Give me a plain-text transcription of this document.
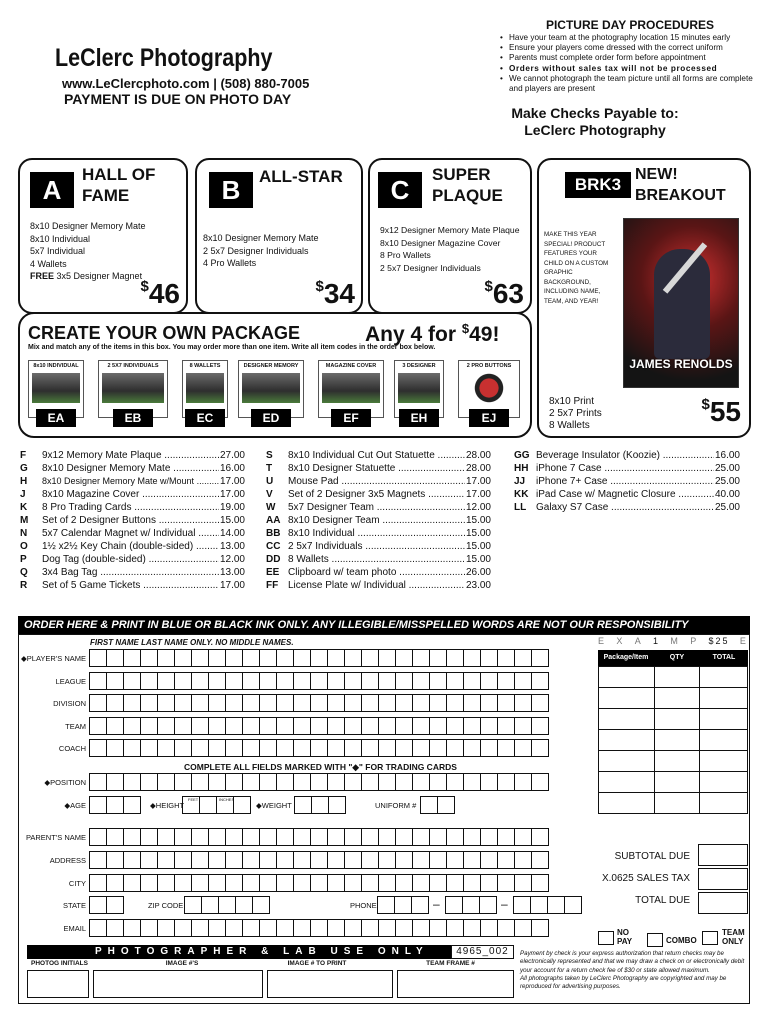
LeClerc Photography
www.LeClercphoto.com | (508) 880-7005
PAYMENT IS DUE ON PHOTO DAY
PICTURE DAY PROCEDURES
• Have your team at the photography location 15 minutes early
• Ensure your players come dressed with the correct uniform
• Parents must complete order form before appointment
• Orders without sales tax will not be processed
• We cannot photograph the team picture until all forms are complete and players are present
Make Checks Payable to:
LeClerc Photography
A	HALL OF FAME
8x10 Designer Memory Mate
8x10 Individual
5x7 Individual
4 Wallets
FREE 3x5 Designer Magnet
$46
B	ALL-STAR
8x10 Designer Memory Mate
2 5x7 Designer Individuals
4 Pro Wallets
$34
C	SUPER PLAQUE
9x12 Designer Memory Mate Plaque
8x10 Designer Magazine Cover
8 Pro Wallets
2 5x7 Designer Individuals
$63
BRK3
NEW! BREAKOUT
MAKE THIS YEAR SPECIAL! PRODUCT FEATURES YOUR CHILD ON A CUSTOM GRAPHIC BACKGROUND, INCLUDING NAME, TEAM, AND YEAR!
JAMES RENOLDS
8x10 Print
2 5x7 Prints
8 Wallets
$55
CREATE YOUR OWN PACKAGE	Any 4 for $49!
Mix and match any of the items in this box. You may order more than one item. Write all item codes in the order box below.
8x10 INDIVIDUAL
EA
2 5X7 INDIVIDUALS
EB
8 WALLETS
EC
DESIGNER MEMORY
ED
MAGAZINE COVER
EF
3 DESIGNER
EH
2 PRO BUTTONS
EJ
F	9x12 Memory Mate Plaque .....	27.00
G	8x10 Designer Memory Mate .....	16.00
H	8x10 Designer Memory Mate w/Mount .....	17.00
J	8x10 Magazine Cover .....	17.00
K	8 Pro Trading Cards .....	19.00
M	Set of 2 Designer Buttons .....	15.00
N	5x7 Calendar Magnet w/ Individual .....	14.00
O	1½ x2½ Key Chain (double-sided) .....	13.00
P	Dog Tag (double-sided) .....	12.00
Q	3x4 Bag Tag .....	13.00
R	Set of 5 Game Tickets .....	17.00
S	8x10 Individual Cut Out Statuette .....	28.00
T	8x10 Designer Statuette .....	28.00
U	Mouse Pad .....	17.00
V	Set of 2 Designer 3x5 Magnets .....	17.00
W	5x7 Designer Team .....	12.00
AA 8x10 Designer Team .....	15.00
BB 8x10 Individual .....	15.00
CC 2 5x7 Individuals .....	15.00
DD 8 Wallets .....	15.00
EE Clipboard w/ team photo .....	26.00
FF License Plate w/ Individual .....	23.00
GG Beverage Insulator (Koozie) .....	16.00
HH iPhone 7 Case .....	25.00
JJ	iPhone 7+ Case .....	25.00
KK iPad Case w/ Magnetic Closure .....	40.00
LL Galaxy S7 Case .....	25.00
ORDER HERE & PRINT IN BLUE OR BLACK INK ONLY. ANY ILLEGIBLE/MISSPELLED WORDS ARE NOT OUR RESPONSIBILITY
FIRST NAME LAST NAME ONLY. NO MIDDLE NAMES.
◆PLAYER'S NAME
LEAGUE
DIVISION
TEAM
COACH
COMPLETE ALL FIELDS MARKED WITH "◆" FOR TRADING CARDS
◆POSITION
◆AGE	◆HEIGHT
FEET	INCHES
◆WEIGHT	UNIFORM #
PARENT'S NAME
ADDRESS
CITY
STATE	ZIP CODE	PHONE	–	–
EMAIL
E X A 1 M P $25 E
Package/Item	QTY	TOTAL
SUBTOTAL DUE
X.0625 SALES TAX
TOTAL DUE
NO
PAY	COMBO
TEAM
ONLY
PHOTOGRAPHER & LAB USE ONLY	4965_002
PHOTOG INITIALS	IMAGE #'S	IMAGE # TO PRINT	TEAM FRAME #
Payment by check is your express authorization that return checks may be electronically represented and that we may draw a check on or electronically debit your account for a return check fee of $30 or state allowed maximum.
All photographs taken by LeClerc Photography are copyrighted and may be reproduced for advertising purposes.
